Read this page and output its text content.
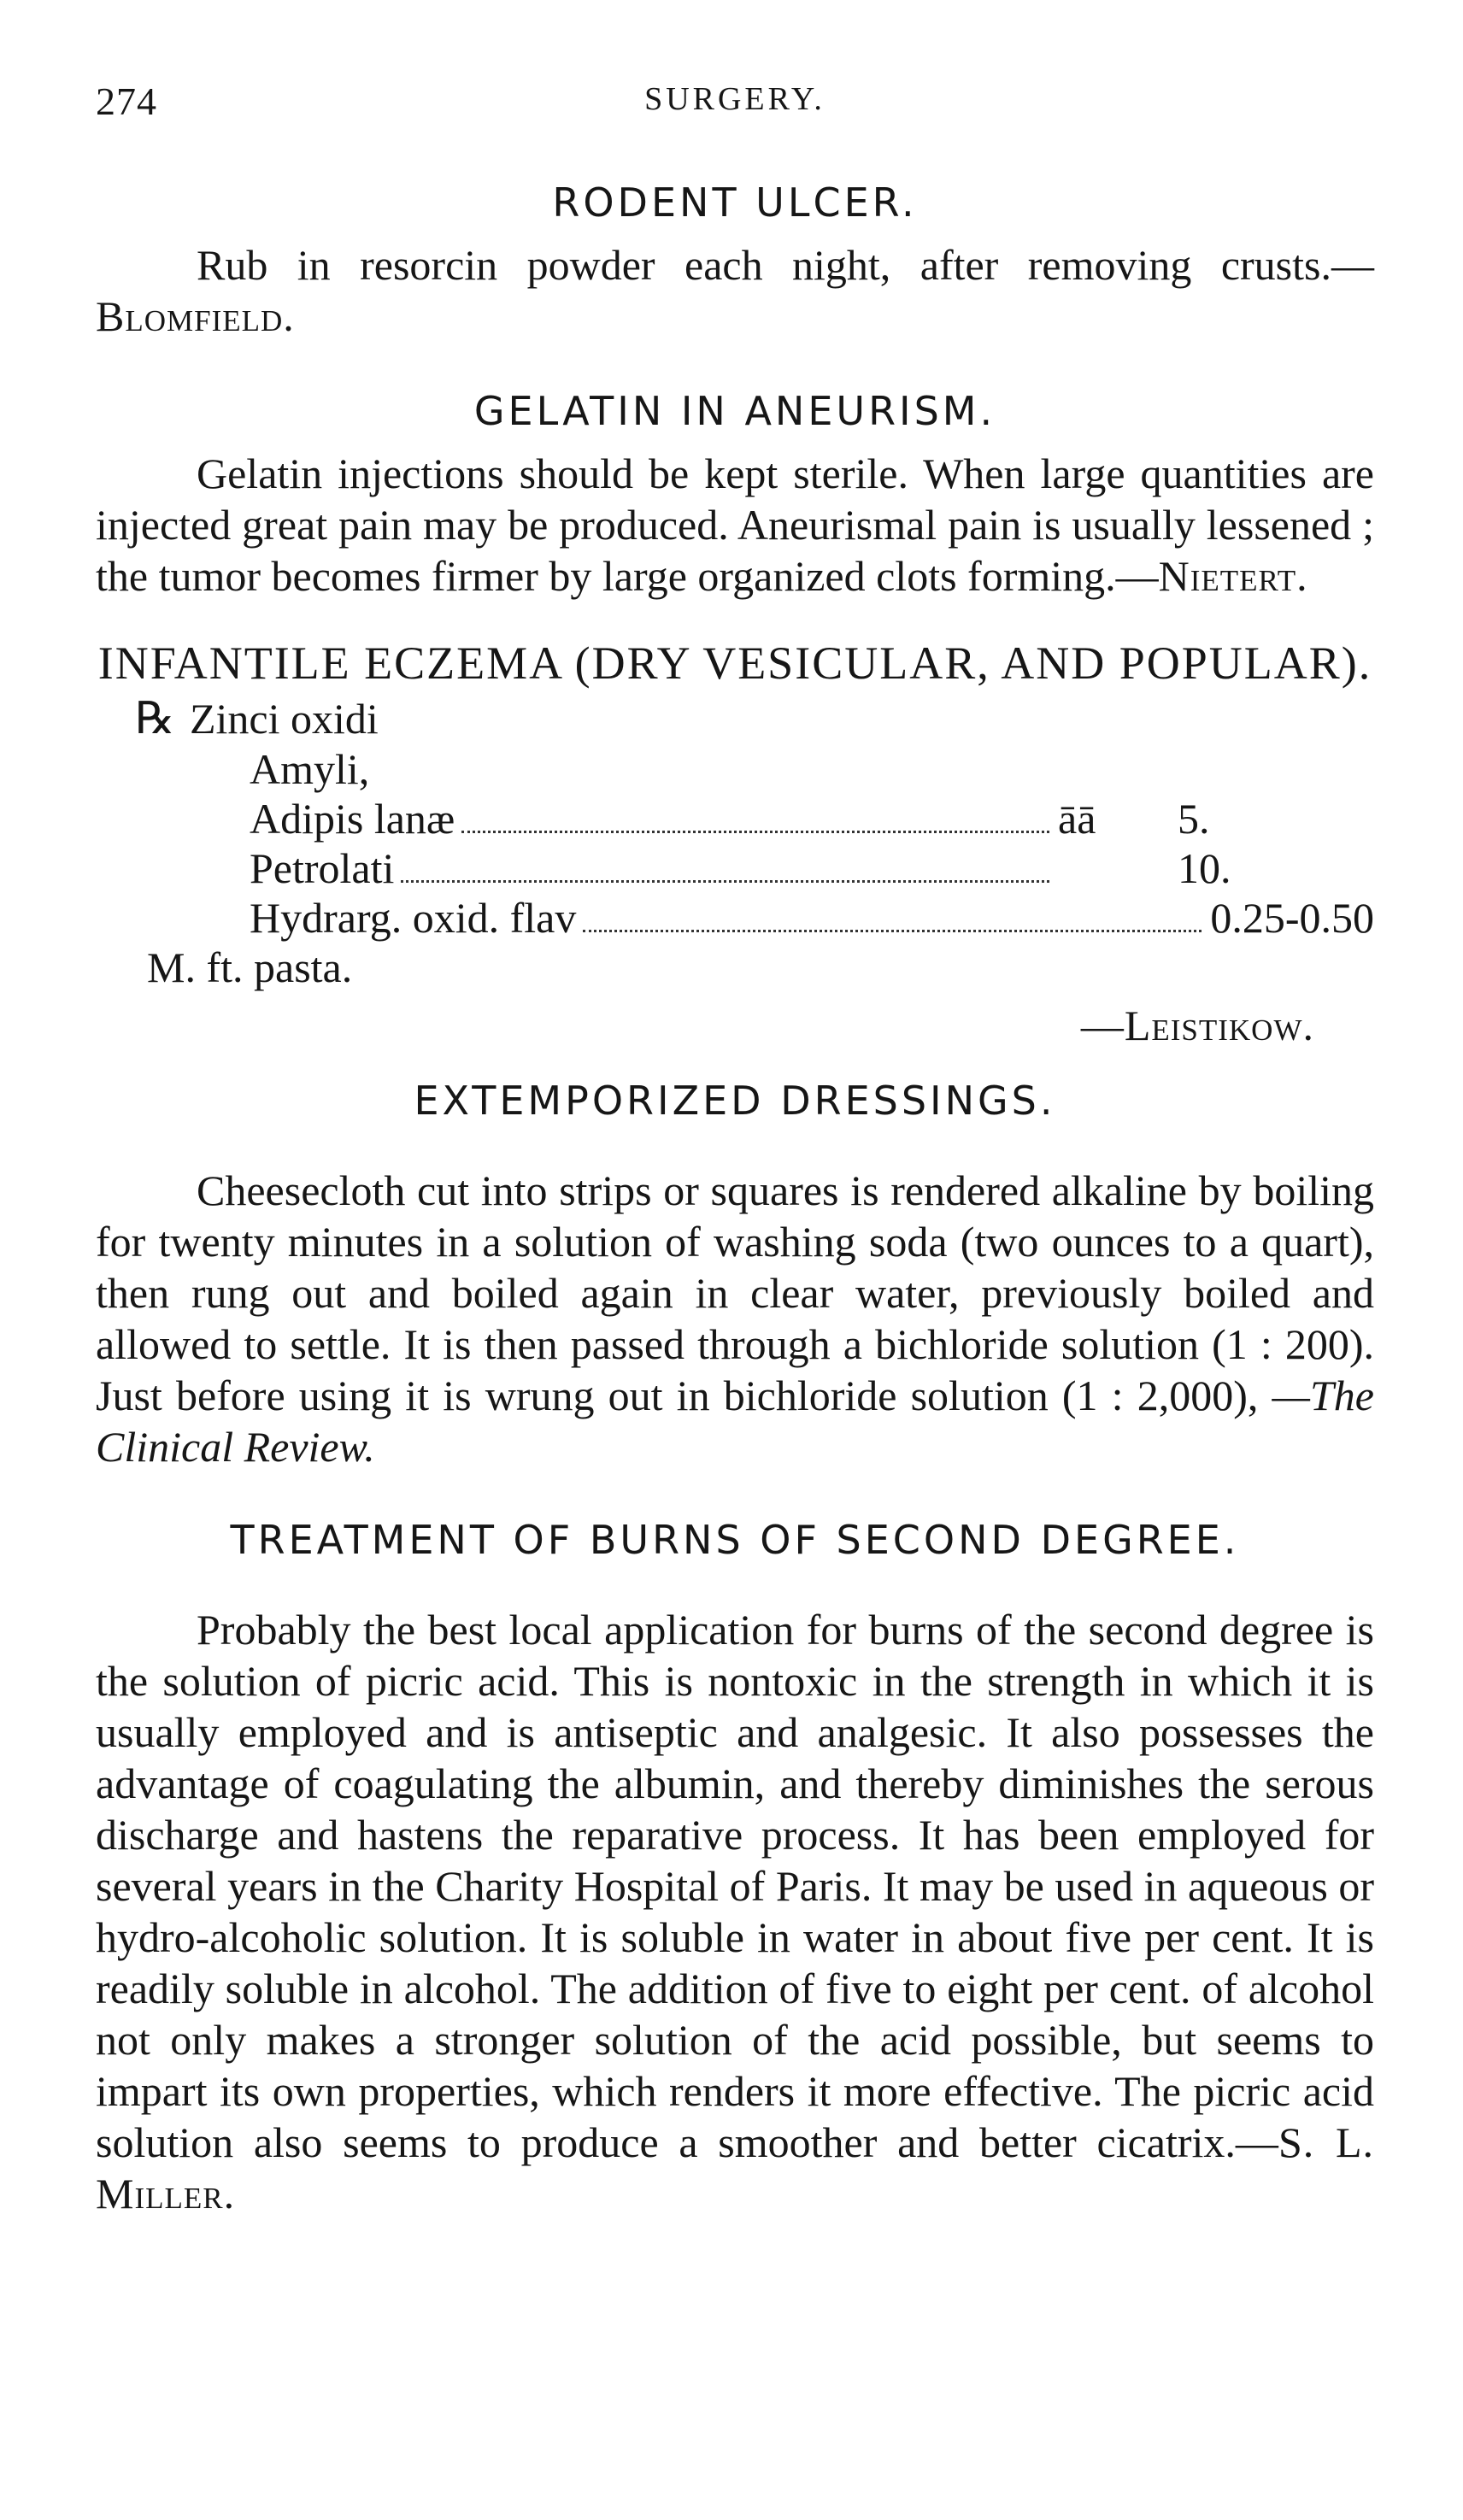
274	SURGERY.
RODENT ULCER.

Rub in resorcin powder each night, after removing crusts.—Blomfield.

GELATIN IN ANEURISM.

Gelatin injections should be kept sterile. When large quantities are injected great pain may be produced. Aneurismal pain is usually lessened ; the tumor becomes firmer by large organized clots forming.—Nietert.

INFANTILE ECZEMA (DRY VESICULAR, AND POPULAR).
℞ Zinci oxidi
Amyli,
Adipis lanæ	āā 5.
Petrolati	10.
Hydrarg. oxid. flav	0.25-0.50
M. ft. pasta.
—Leistikow.
EXTEMPORIZED DRESSINGS.

Cheesecloth cut into strips or squares is rendered alkaline by boiling for twenty minutes in a solution of washing soda (two ounces to a quart), then rung out and boiled again in clear water, previously boiled and allowed to settle. It is then passed through a bichloride solution (1 : 200). Just before using it is wrung out in bichloride solution (1 : 2,000), —The Clinical Review.

TREATMENT OF BURNS OF SECOND DEGREE.

Probably the best local application for burns of the second degree is the solution of picric acid. This is nontoxic in the strength in which it is usually employed and is antiseptic and analgesic. It also possesses the advantage of coagulating the albumin, and thereby diminishes the serous discharge and hastens the reparative process. It has been employed for several years in the Charity Hospital of Paris. It may be used in aqueous or hydro-alcoholic solution. It is soluble in water in about five per cent. It is readily soluble in alcohol. The addition of five to eight per cent. of alcohol not only makes a stronger solution of the acid possible, but seems to impart its own properties, which renders it more effective. The picric acid solution also seems to produce a smoother and better cicatrix.—S. L. Miller.
